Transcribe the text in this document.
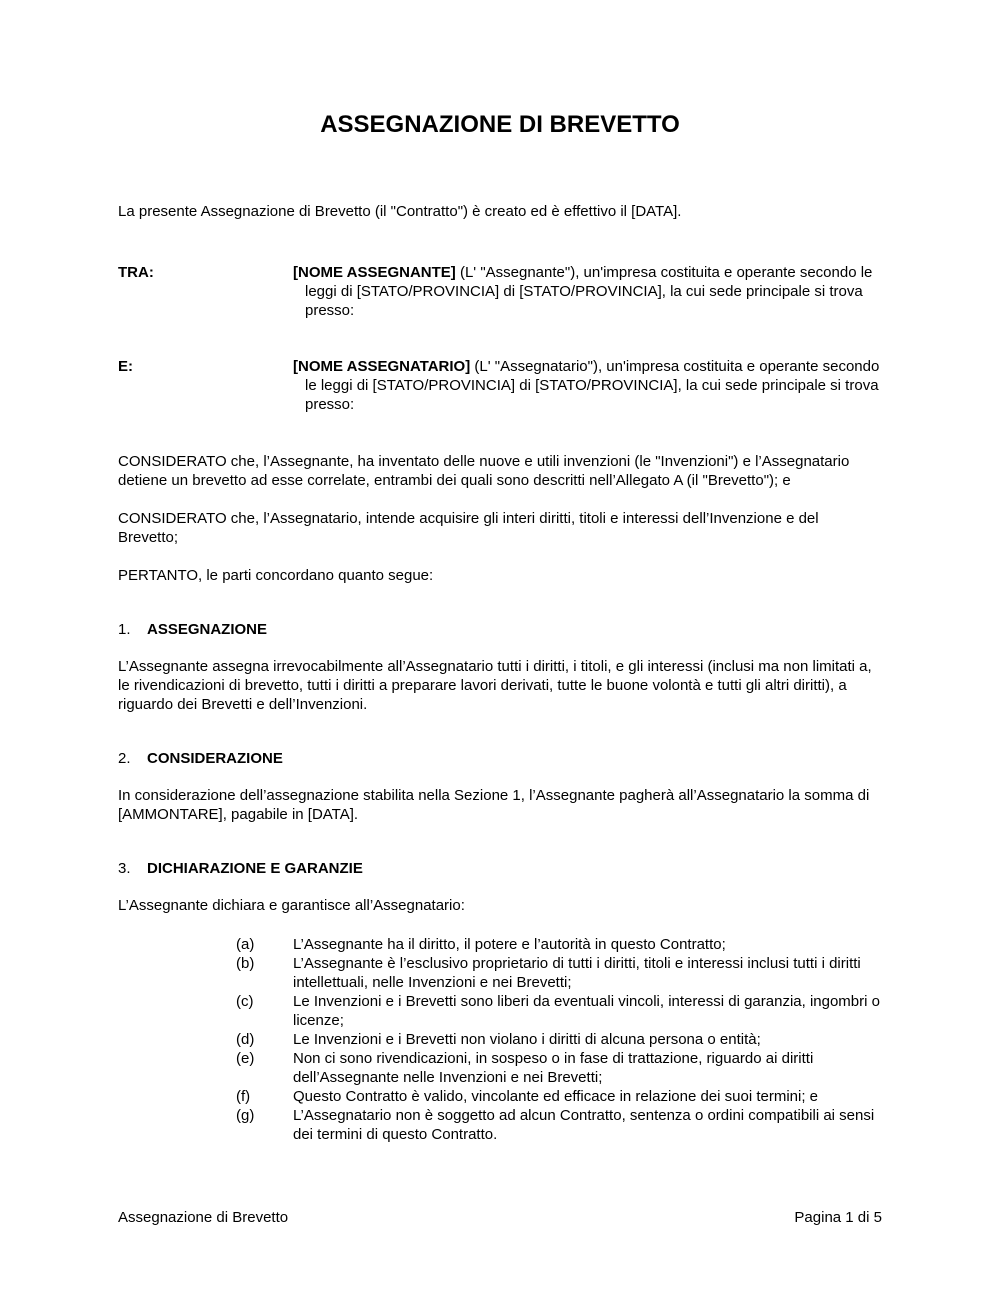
ASSEGNAZIONE DI BREVETTO

La presente Assegnazione di Brevetto (il "Contratto") è creato ed è effettivo il [DATA].

TRA:	[NOME ASSEGNANTE] (L' "Assegnante"), un'impresa costituita e operante secondo le leggi di [STATO/PROVINCIA] di [STATO/PROVINCIA], la cui sede principale si trova presso:
E:	[NOME ASSEGNATARIO] (L' "Assegnatario"), un'impresa costituita e operante secondo le leggi di [STATO/PROVINCIA] di [STATO/PROVINCIA], la cui sede principale si trova presso:

CONSIDERATO che, l’Assegnante, ha inventato delle nuove e utili invenzioni (le "Invenzioni") e l’Assegnatario detiene un brevetto ad esse correlate, entrambi dei quali sono descritti nell’Allegato A (il "Brevetto"); e

CONSIDERATO che, l’Assegnatario, intende acquisire gli interi diritti, titoli e interessi dell’Invenzione e del Brevetto;

PERTANTO, le parti concordano quanto segue:

1. ASSEGNAZIONE

L’Assegnante assegna irrevocabilmente all’Assegnatario tutti i diritti, i titoli, e gli interessi (inclusi ma non limitati a, le rivendicazioni di brevetto, tutti i diritti a preparare lavori derivati, tutte le buone volontà e tutti gli altri diritti), a riguardo dei Brevetti e dell’Invenzioni.

2. CONSIDERAZIONE

In considerazione dell’assegnazione stabilita nella Sezione 1, l’Assegnante pagherà all’Assegnatario la somma di [AMMONTARE], pagabile in [DATA].

3. DICHIARAZIONE E GARANZIE

L’Assegnante dichiara e garantisce all’Assegnatario:

(a)	L’Assegnante ha il diritto, il potere e l’autorità in questo Contratto;
(b)	L’Assegnante è l’esclusivo proprietario di tutti i diritti, titoli e interessi inclusi tutti i diritti intellettuali, nelle Invenzioni e nei Brevetti;
(c)	Le Invenzioni e i Brevetti sono liberi da eventuali vincoli, interessi di garanzia, ingombri o licenze;
(d)	Le Invenzioni e i Brevetti non violano i diritti di alcuna persona o entità;
(e)	Non ci sono rivendicazioni, in sospeso o in fase di trattazione, riguardo ai diritti dell’Assegnante nelle Invenzioni e nei Brevetti;
(f)	Questo Contratto è valido, vincolante ed efficace in relazione dei suoi termini; e
(g)	L’Assegnatario non è soggetto ad alcun Contratto, sentenza o ordini compatibili ai sensi dei termini di questo Contratto.
Assegnazione di Brevetto	Pagina 1 di 5
